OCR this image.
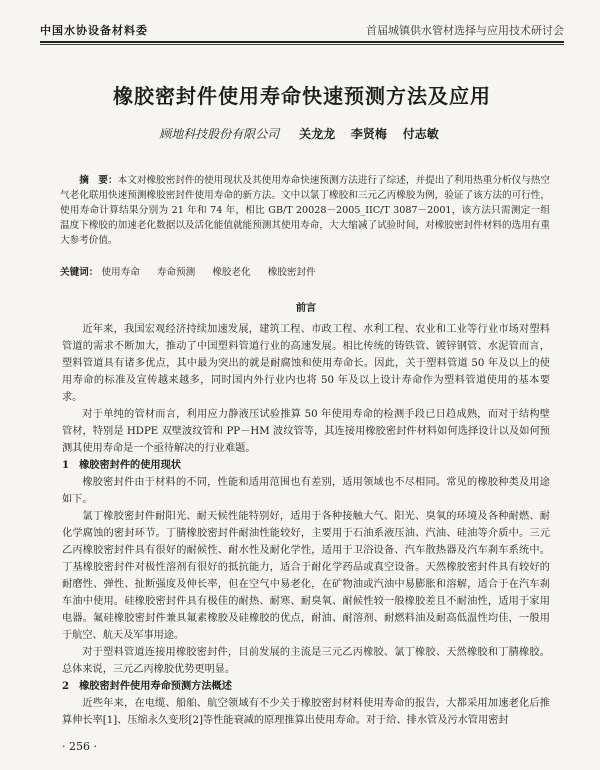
中国水协设备材料委	首届城镇供水管材选择与应用技术研讨会
橡胶密封件使用寿命快速预测方法及应用
顾地科技股份有限公司 关龙龙 李贤梅 付志敏
摘　要：本文对橡胶密封件的使用现状及其使用寿命快速预测方法进行了综述，并提出了利用热重分析仪与热空气老化联用快速预测橡胶密封件使用寿命的新方法。文中以氯丁橡胶和三元乙丙橡胶为例，验证了该方法的可行性，使用寿命计算结果分别为 21 年和 74 年，相比 GB/T 20028－2005_IIC/T 3087－2001，该方法只需测定一组温度下橡胶的加速老化数据以及活化能值就能预测其使用寿命，大大缩减了试验时间，对橡胶密封件材料的选用有重大参考价值。
关键词： 使用寿命 寿命预测 橡胶老化 橡胶密封件

前言

近年来，我国宏观经济持续加速发展，建筑工程、市政工程、水利工程、农业和工业等行业市场对塑料管道的需求不断加大，推动了中国塑料管道行业的高速发展。相比传统的铸铁管、镀锌钢管、水泥管而言，塑料管道具有诸多优点，其中最为突出的就是耐腐蚀和使用寿命长。因此，关于塑料管道 50 年及以上的使用寿命的标准及宣传越来越多，同时国内外行业内也将 50 年及以上设计寿命作为塑料管道使用的基本要求。

对于单纯的管材而言，利用应力静液压试验推算 50 年使用寿命的检测手段已日趋成熟，而对于结构壁管材，特别是 HDPE 双壁波纹管和 PP－HM 波纹管等，其连接用橡胶密封件材料如何选择设计以及如何预测其使用寿命是一个亟待解决的行业难题。

1 橡胶密封件的使用现状

橡胶密封件由于材料的不同，性能和适用范围也有差别，适用领域也不尽相同。常见的橡胶种类及用途如下。

氯丁橡胶密封件耐阳光、耐天候性能特别好，适用于各种接触大气、阳光、臭氧的环境及各种耐燃、耐化学腐蚀的密封环节。丁腈橡胶密封件耐油性能较好，主要用于石油系液压油、汽油、硅油等介质中。三元乙丙橡胶密封件具有很好的耐候性、耐水性及耐化学性，适用于卫浴设备、汽车散热器及汽车刹车系统中。丁基橡胶密封件对极性溶剂有很好的抵抗能力，适合于耐化学药品或真空设备。天然橡胶密封件具有较好的耐磨性、弹性、扯断强度及伸长率，但在空气中易老化，在矿物油或汽油中易膨胀和溶解，适合于在汽车刹车油中使用。硅橡胶密封件具有极佳的耐热、耐寒、耐臭氧、耐候性较一般橡胶差且不耐油性，适用于家用电器。氟硅橡胶密封件兼具氟素橡胶及硅橡胶的优点，耐油、耐溶剂、耐燃料油及耐高低温性均佳，一般用于航空、航天及军事用途。

对于塑料管道连接用橡胶密封件，目前发展的主流是三元乙丙橡胶、氯丁橡胶、天然橡胶和丁腈橡胶。总体来说，三元乙丙橡胶优势更明显。

2 橡胶密封件使用寿命预测方法概述

近些年来，在电缆、船舶、航空领域有不少关于橡胶密封材料使用寿命的报告，大都采用加速老化后推算伸长率[1]、压缩永久变形[2]等性能衰减的原理推算出使用寿命。对于给、排水管及污水管用密封

· 256 ·
